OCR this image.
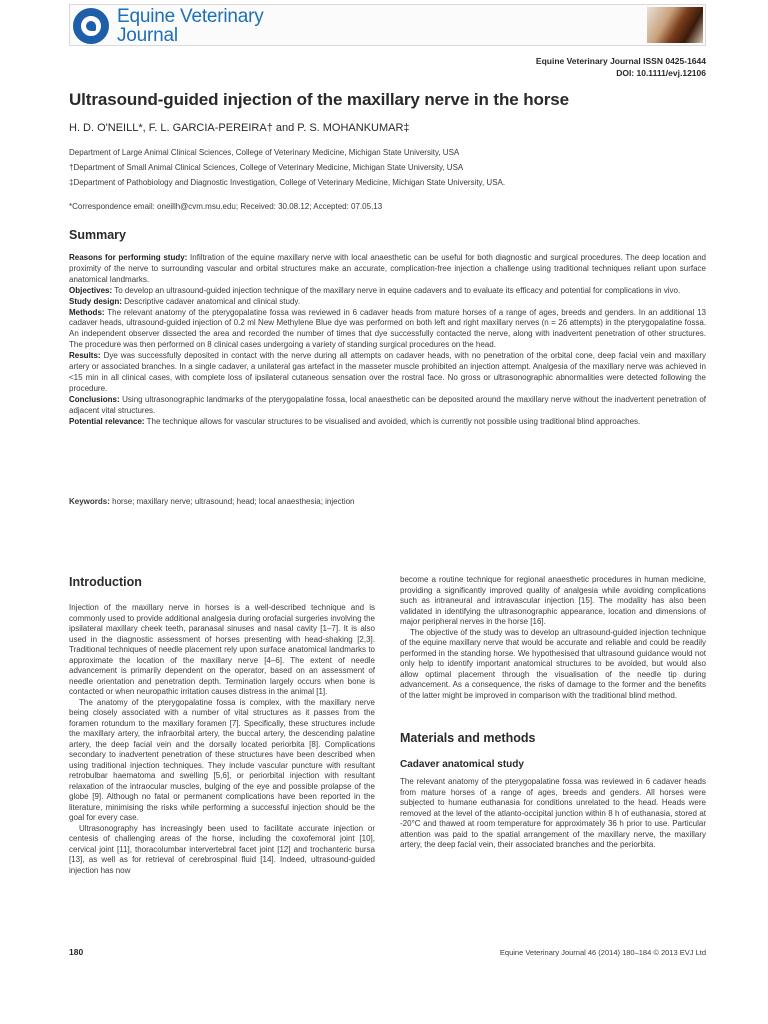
Equine Veterinary
Journal
Equine Veterinary Journal ISSN 0425-1644
DOI: 10.1111/evj.12106
Ultrasound-guided injection of the maxillary nerve in the horse
H. D. O'NEILL*, F. L. GARCIA-PEREIRA† and P. S. MOHANKUMAR‡
Department of Large Animal Clinical Sciences, College of Veterinary Medicine, Michigan State University, USA
†Department of Small Animal Clinical Sciences, College of Veterinary Medicine, Michigan State University, USA
‡Department of Pathobiology and Diagnostic Investigation, College of Veterinary Medicine, Michigan State University, USA.
*Correspondence email: oneillh@cvm.msu.edu; Received: 30.08.12; Accepted: 07.05.13
Summary

Reasons for performing study: Infiltration of the equine maxillary nerve with local anaesthetic can be useful for both diagnostic and surgical procedures. The deep location and proximity of the nerve to surrounding vascular and orbital structures make an accurate, complication-free injection a challenge using traditional techniques reliant upon surface anatomical landmarks.

Objectives: To develop an ultrasound-guided injection technique of the maxillary nerve in equine cadavers and to evaluate its efficacy and potential for complications in vivo.

Study design: Descriptive cadaver anatomical and clinical study.

Methods: The relevant anatomy of the pterygopalatine fossa was reviewed in 6 cadaver heads from mature horses of a range of ages, breeds and genders. In an additional 13 cadaver heads, ultrasound-guided injection of 0.2 ml New Methylene Blue dye was performed on both left and right maxillary nerves (n = 26 attempts) in the pterygopalatine fossa. An independent observer dissected the area and recorded the number of times that dye successfully contacted the nerve, along with inadvertent penetration of other structures. The procedure was then performed on 8 clinical cases undergoing a variety of standing surgical procedures on the head.

Results: Dye was successfully deposited in contact with the nerve during all attempts on cadaver heads, with no penetration of the orbital cone, deep facial vein and maxillary artery or associated branches. In a single cadaver, a unilateral gas artefact in the masseter muscle prohibited an injection attempt. Analgesia of the maxillary nerve was achieved in <15 min in all clinical cases, with complete loss of ipsilateral cutaneous sensation over the rostral face. No gross or ultrasonographic abnormalities were detected following the procedure.

Conclusions: Using ultrasonographic landmarks of the pterygopalatine fossa, local anaesthetic can be deposited around the maxillary nerve without the inadvertent penetration of adjacent vital structures.

Potential relevance: The technique allows for vascular structures to be visualised and avoided, which is currently not possible using traditional blind approaches.

Keywords: horse; maxillary nerve; ultrasound; head; local anaesthesia; injection
Introduction

Injection of the maxillary nerve in horses is a well-described technique and is commonly used to provide additional analgesia during orofacial surgeries involving the ipsilateral maxillary cheek teeth, paranasal sinuses and nasal cavity [1–7]. It is also used in the diagnostic assessment of horses presenting with head-shaking [2,3]. Traditional techniques of needle placement rely upon surface anatomical landmarks to approximate the location of the maxillary nerve [4–6]. The extent of needle advancement is primarily dependent on the operator, based on an assessment of needle orientation and penetration depth. Termination largely occurs when bone is contacted or when neuropathic irritation causes distress in the animal [1].

The anatomy of the pterygopalatine fossa is complex, with the maxillary nerve being closely associated with a number of vital structures as it passes from the foramen rotundum to the maxillary foramen [7]. Specifically, these structures include the maxillary artery, the infraorbital artery, the buccal artery, the descending palatine artery, the deep facial vein and the dorsally located periorbita [8]. Complications secondary to inadvertent penetration of these structures have been described when using traditional injection techniques. They include vascular puncture with resultant retrobulbar haematoma and swelling [5,6], or periorbital injection with resultant relaxation of the intraocular muscles, bulging of the eye and possible prolapse of the globe [9]. Although no fatal or permanent complications have been reported in the literature, minimising the risks while performing a successful injection should be the goal for every case.

Ultrasonography has increasingly been used to facilitate accurate injection or centesis of challenging areas of the horse, including the coxofemoral joint [10], cervical joint [11], thoracolumbar intervertebral facet joint [12] and trochanteric bursa [13], as well as for retrieval of cerebrospinal fluid [14]. Indeed, ultrasound-guided injection has now

become a routine technique for regional anaesthetic procedures in human medicine, providing a significantly improved quality of analgesia while avoiding complications such as intraneural and intravascular injection [15]. The modality has also been validated in identifying the ultrasonographic appearance, location and dimensions of major peripheral nerves in the horse [16].

The objective of the study was to develop an ultrasound-guided injection technique of the equine maxillary nerve that would be accurate and reliable and could be readily performed in the standing horse. We hypothesised that ultrasound guidance would not only help to identify important anatomical structures to be avoided, but would also allow optimal placement through the visualisation of the needle tip during advancement. As a consequence, the risks of damage to the former and the benefits of the latter might be improved in comparison with the traditional blind method.

Materials and methods
Cadaver anatomical study

The relevant anatomy of the pterygopalatine fossa was reviewed in 6 cadaver heads from mature horses of a range of ages, breeds and genders. All horses were subjected to humane euthanasia for conditions unrelated to the head. Heads were removed at the level of the atlanto-occipital junction within 8 h of euthanasia, stored at -20°C and thawed at room temperature for approximately 36 h prior to use. Particular attention was paid to the spatial arrangement of the maxillary nerve, the maxillary artery, the deep facial vein, their associated branches and the periorbita.

180	Equine Veterinary Journal 46 (2014) 180–184 © 2013 EVJ Ltd
